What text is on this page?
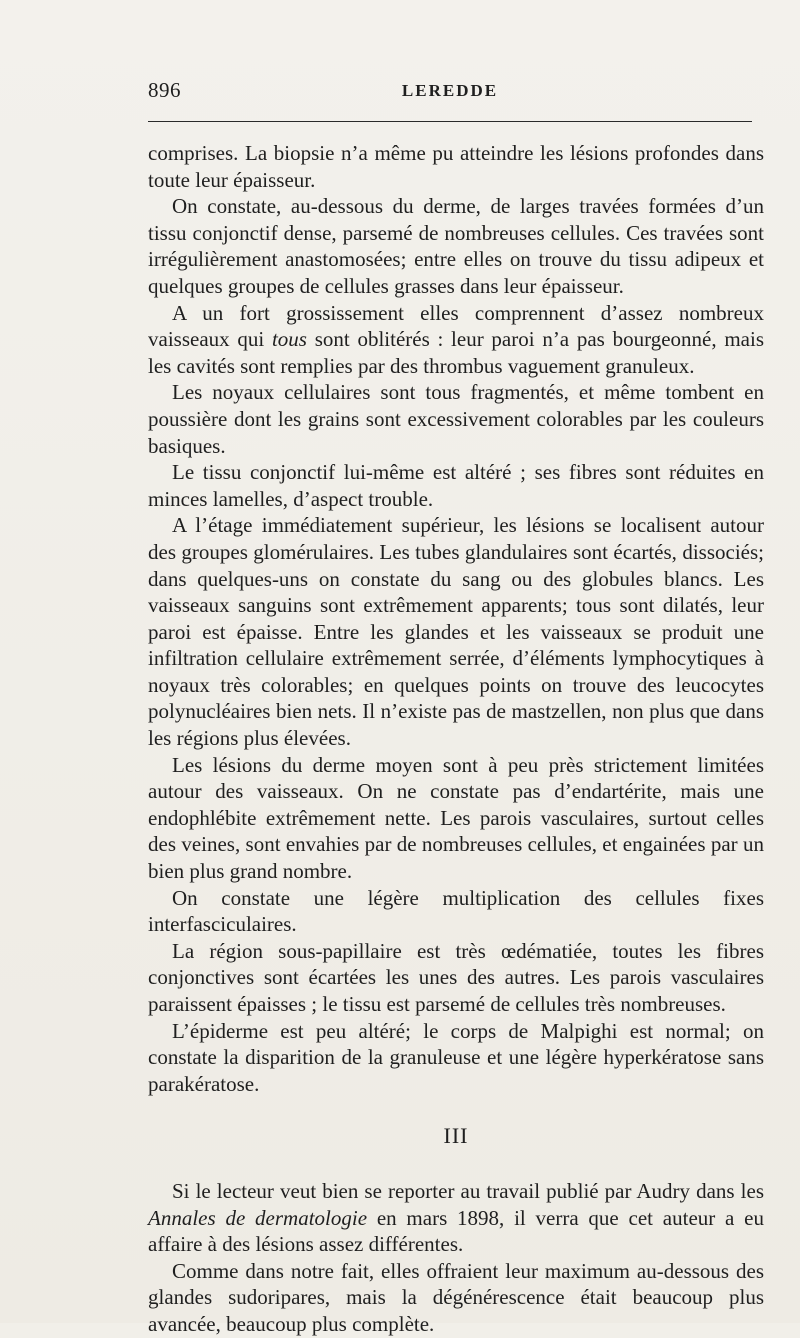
896	LEREDDE

comprises. La biopsie n’a même pu atteindre les lésions profondes dans toute leur épaisseur.

On constate, au-dessous du derme, de larges travées formées d’un tissu conjonctif dense, parsemé de nombreuses cellules. Ces travées sont irrégulièrement anastomosées; entre elles on trouve du tissu adipeux et quelques groupes de cellules grasses dans leur épaisseur.

A un fort grossissement elles comprennent d’assez nombreux vaisseaux qui tous sont oblitérés : leur paroi n’a pas bourgeonné, mais les cavités sont remplies par des thrombus vaguement granuleux.

Les noyaux cellulaires sont tous fragmentés, et même tombent en poussière dont les grains sont excessivement colorables par les couleurs basiques.

Le tissu conjonctif lui-même est altéré ; ses fibres sont réduites en minces lamelles, d’aspect trouble.

A l’étage immédiatement supérieur, les lésions se localisent autour des groupes glomérulaires. Les tubes glandulaires sont écartés, dissociés; dans quelques-uns on constate du sang ou des globules blancs. Les vaisseaux sanguins sont extrêmement apparents; tous sont dilatés, leur paroi est épaisse. Entre les glandes et les vaisseaux se produit une infiltration cellulaire extrêmement serrée, d’éléments lymphocytiques à noyaux très colorables; en quelques points on trouve des leucocytes polynucléaires bien nets. Il n’existe pas de mastzellen, non plus que dans les régions plus élevées.

Les lésions du derme moyen sont à peu près strictement limitées autour des vaisseaux. On ne constate pas d’endartérite, mais une endophlébite extrêmement nette. Les parois vasculaires, surtout celles des veines, sont envahies par de nombreuses cellules, et engainées par un bien plus grand nombre.

On constate une légère multiplication des cellules fixes interfasciculaires.

La région sous-papillaire est très œdématiée, toutes les fibres conjonctives sont écartées les unes des autres. Les parois vasculaires paraissent épaisses ; le tissu est parsemé de cellules très nombreuses.

L’épiderme est peu altéré; le corps de Malpighi est normal; on constate la disparition de la granuleuse et une légère hyperkératose sans parakératose.

III

Si le lecteur veut bien se reporter au travail publié par Audry dans les Annales de dermatologie en mars 1898, il verra que cet auteur a eu affaire à des lésions assez différentes.

Comme dans notre fait, elles offraient leur maximum au-dessous des glandes sudoripares, mais la dégénérescence était beaucoup plus avancée, beaucoup plus complète.
